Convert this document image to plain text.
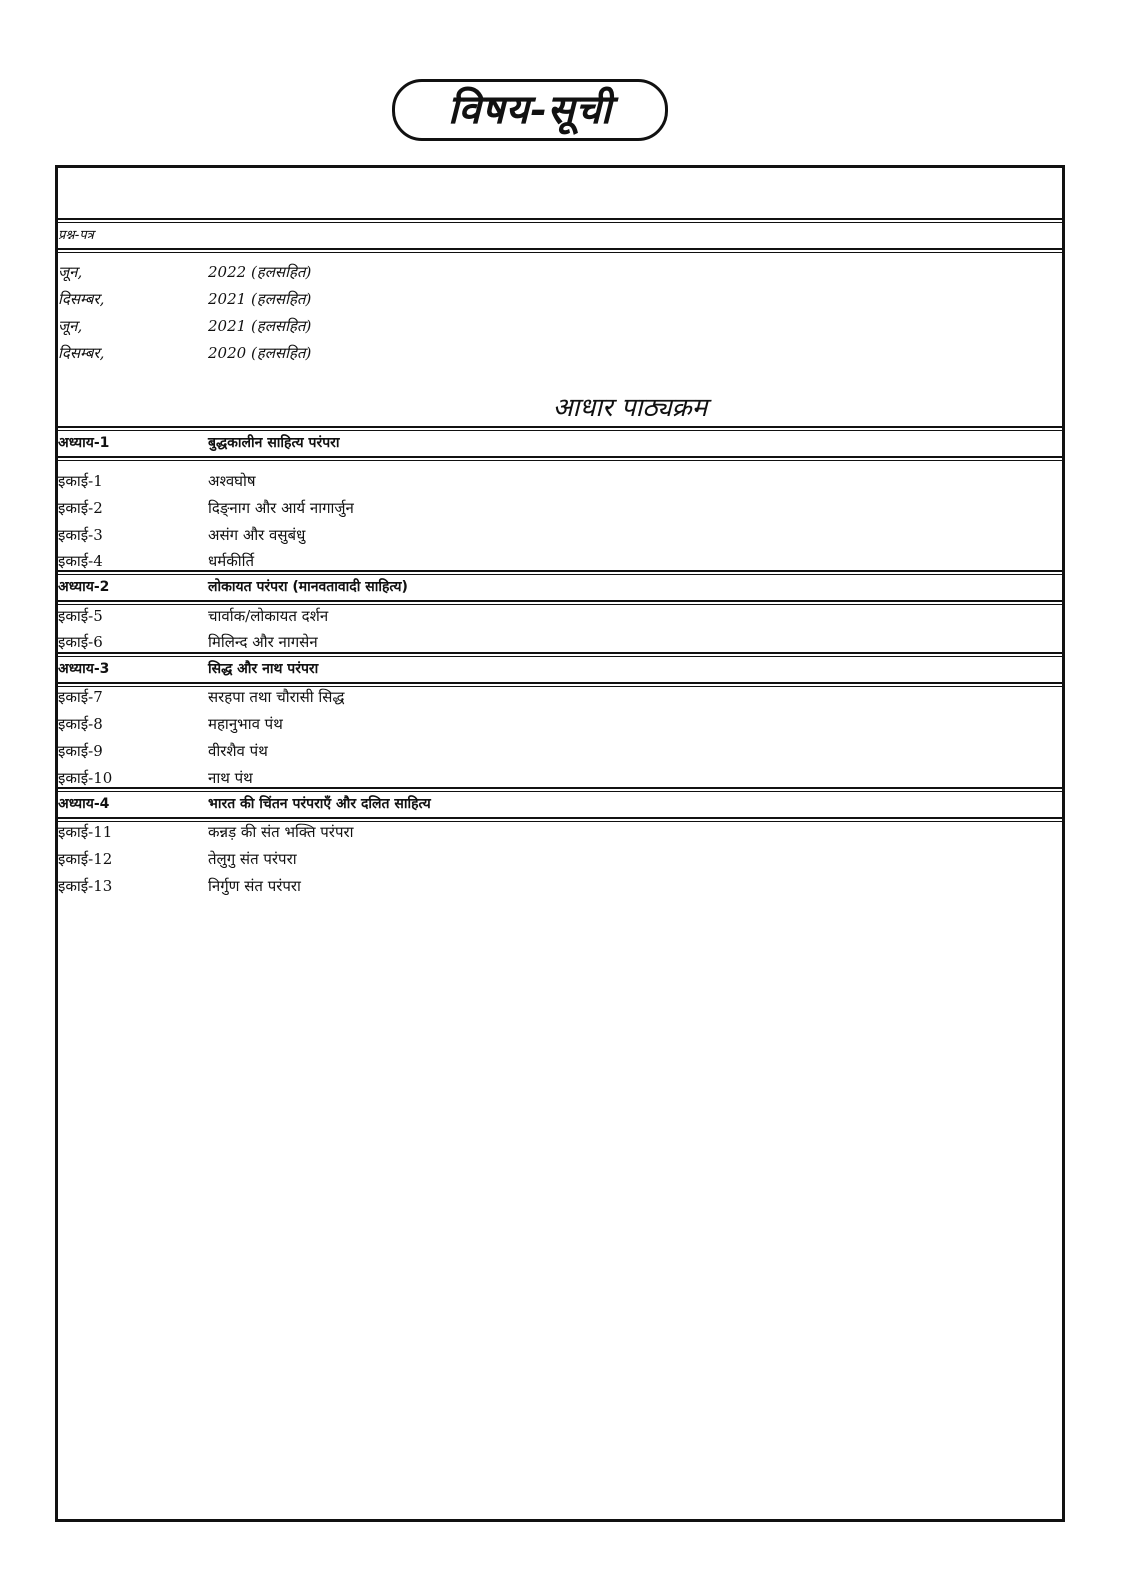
विषय-सूची
प्रश्न-पत्र
जून,	2022 (हलसहित)
दिसम्बर,	2021 (हलसहित)
जून,	2021 (हलसहित)
दिसम्बर,	2020 (हलसहित)
आधार पाठ्यक्रम
अध्याय-1	बुद्धकालीन साहित्य परंपरा
इकाई-1	अश्वघोष
इकाई-2	दिङ्नाग और आर्य नागार्जुन
इकाई-3	असंग और वसुबंधु
इकाई-4	धर्मकीर्ति
अध्याय-2	लोकायत परंपरा (मानवतावादी साहित्य)
इकाई-5	चार्वाक/लोकायत दर्शन
इकाई-6	मिलिन्द और नागसेन
अध्याय-3	सिद्ध और नाथ परंपरा
इकाई-7	सरहपा तथा चौरासी सिद्ध
इकाई-8	महानुभाव पंथ
इकाई-9	वीरशैव पंथ
इकाई-10	नाथ पंथ
अध्याय-4	भारत की चिंतन परंपराएँ और दलित साहित्य
इकाई-11	कन्नड़ की संत भक्ति परंपरा
इकाई-12	तेलुगु संत परंपरा
इकाई-13	निर्गुण संत परंपरा
